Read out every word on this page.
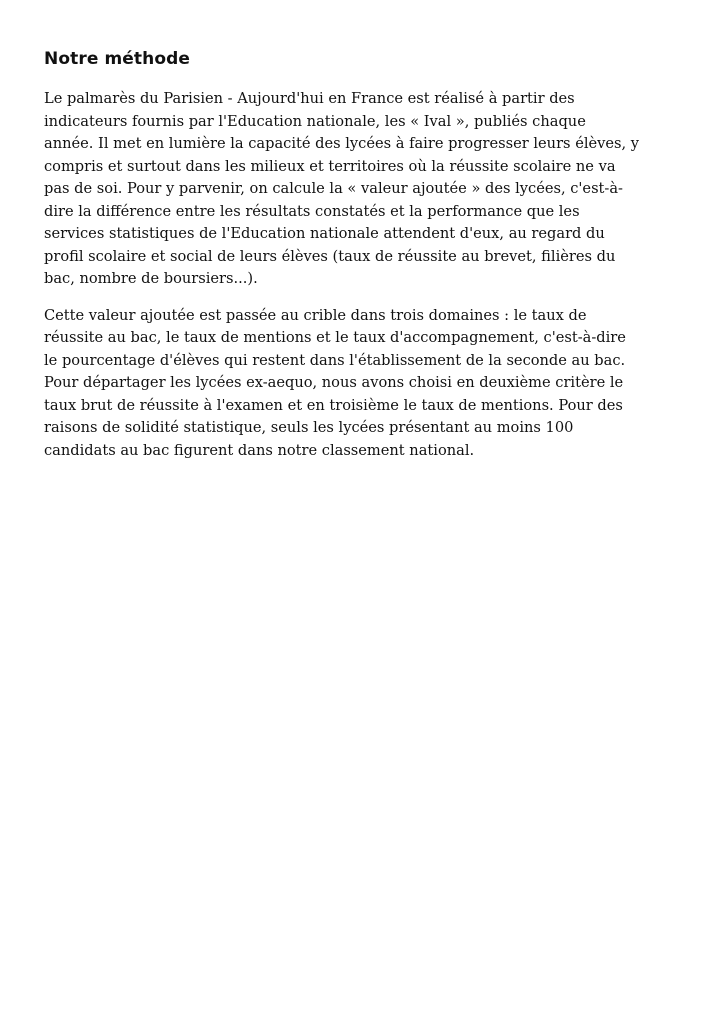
Notre méthode

Le palmarès du Parisien - Aujourd'hui en France est réalisé à partir des
indicateurs fournis par l'Education nationale, les « Ival », publiés chaque
année. Il met en lumière la capacité des lycées à faire progresser leurs élèves, y
compris et surtout dans les milieux et territoires où la réussite scolaire ne va
pas de soi. Pour y parvenir, on calcule la « valeur ajoutée » des lycées, c'est-à-
dire la différence entre les résultats constatés et la performance que les
services statistiques de l'Education nationale attendent d'eux, au regard du
profil scolaire et social de leurs élèves (taux de réussite au brevet, filières du
bac, nombre de boursiers...).

Cette valeur ajoutée est passée au crible dans trois domaines : le taux de
réussite au bac, le taux de mentions et le taux d'accompagnement, c'est-à-dire
le pourcentage d'élèves qui restent dans l'établissement de la seconde au bac.
Pour départager les lycées ex-aequo, nous avons choisi en deuxième critère le
taux brut de réussite à l'examen et en troisième le taux de mentions. Pour des
raisons de solidité statistique, seuls les lycées présentant au moins 100
candidats au bac figurent dans notre classement national.
